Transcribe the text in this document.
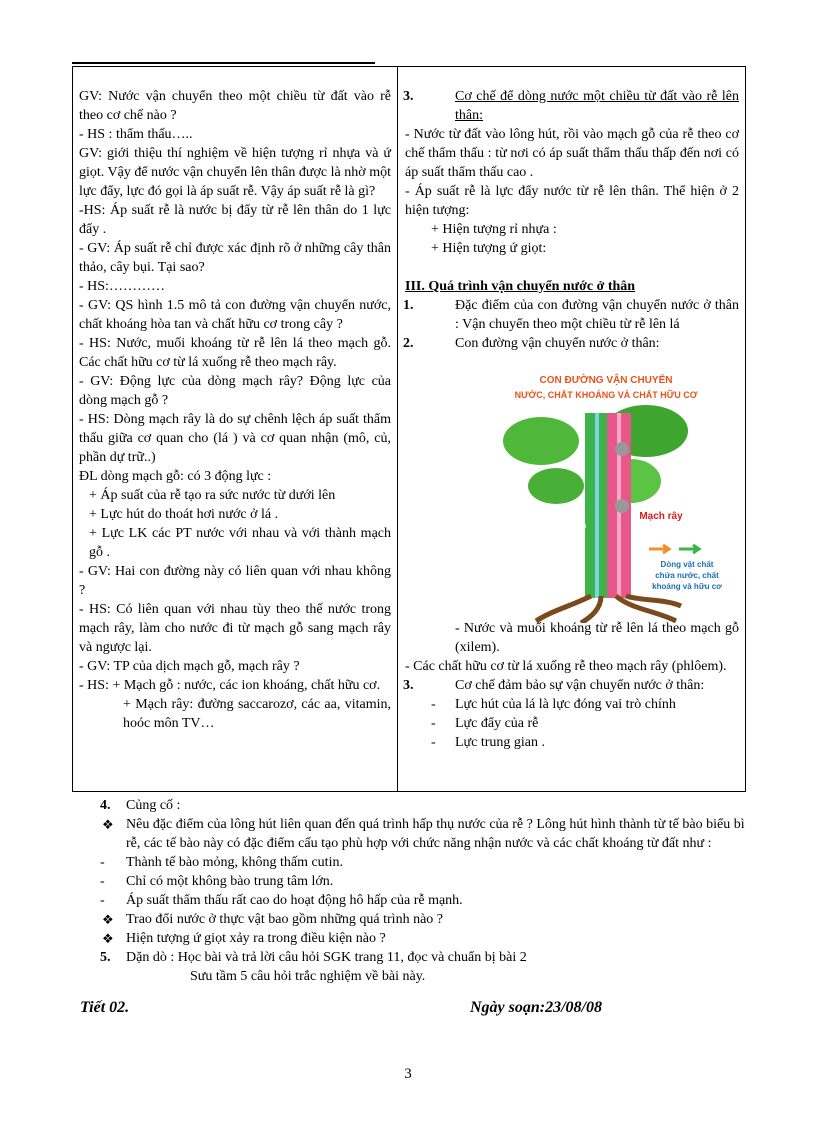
GV: Nước vận chuyển theo một chiều từ đất vào rễ theo cơ chế nào ?
- HS : thẩm thấu…..
GV: giới thiệu thí nghiệm về hiện tượng rỉ nhựa và ứ giọt. Vậy để nước vận chuyển lên thân được là nhờ một lực đẩy, lực đó gọi là áp suất rễ. Vậy áp suất rễ là gì?
-HS: Áp suất rễ là nước bị đẩy từ rễ lên thân do 1 lực đẩy .
- GV: Áp suất rễ chỉ được xác định rõ ở những cây thân thảo, cây bụi. Tại sao?
- HS:…………
- GV: QS hình 1.5 mô tả con đường vận chuyển nước, chất khoáng hòa tan và chất hữu cơ trong cây ?
- HS: Nước, muối khoáng từ rễ lên lá theo mạch gỗ. Các chất hữu cơ từ lá xuống rễ theo mạch rây.
- GV: Động lực của dòng mạch rây? Động lực của dòng mạch gỗ ?
- HS: Dòng mạch rây là do sự chênh lệch áp suất thẩm thấu giữa cơ quan cho (lá ) và cơ quan nhận (mô, củ, phần dự trữ..)
ĐL dòng mạch gỗ: có 3 động lực :
+ Áp suất của rễ tạo ra sức nước từ dưới lên
+ Lực hút do thoát hơi nước ở lá .
+ Lực LK các PT nước với nhau và với thành mạch gỗ .
- GV: Hai con đường này có liên quan với nhau không ?
- HS: Có liên quan với nhau tùy theo thế nước trong mạch rây, làm cho nước đi từ mạch gỗ sang mạch rây và ngược lại.
- GV: TP của dịch mạch gỗ, mạch rây ?
- HS: + Mạch gỗ : nước, các ion khoáng, chất hữu cơ.
+ Mạch rây: đường saccarozơ, các aa, vitamin, hoóc môn TV…
3.	Cơ chế để dòng nước một chiều từ đất vào rễ lên thân:
- Nước từ đất vào lông hút, rồi vào mạch gỗ của rễ theo cơ chế thẩm thấu : từ nơi có áp suất thẩm thấu thấp đến nơi có áp suất thẩm thấu cao .
- Áp suất rễ là lực đẩy nước từ rễ lên thân. Thể hiện ở 2 hiện tượng:
+ Hiện tượng rỉ nhựa :
+ Hiện tượng ứ giọt:
III. Quá trình vận chuyển nước ở thân
1.	Đặc điểm của con đường vận chuyển nước ở thân : Vận chuyển theo một chiều từ rễ lên lá
2.	Con đường vận chuyển nước ở thân:
- Nước và muối khoáng từ rễ lên lá theo mạch gỗ (xilem).
- Các chất hữu cơ từ lá xuống rễ theo mạch rây (phlôem).
3.	Cơ chế đảm bảo sự vận chuyển nước ở thân:
- Lực hút của lá là lực đóng vai trò chính
- Lực đẩy của rễ
- Lực trung gian .
CON ĐƯỜNG VẬN CHUYỂN
NƯỚC, CHẤT KHOÁNG VÀ CHẤT HỮU CƠ
Mạch gỗ
Mạch rây
Dòng vật chất
chứa nước, chất
khoáng và hữu cơ
4. Củng cố :
❖ Nêu đặc điểm của lông hút liên quan đến quá trình hấp thụ nước của rễ ? Lông hút hình thành từ tế bào biểu bì rễ, các tế bào này có đặc điểm cấu tạo phù hợp với chức năng nhận nước và các chất khoáng từ đất như :
- Thành tế bào mỏng, không thấm cutin.
- Chỉ có một không bào trung tâm lớn.
- Áp suất thẩm thấu rất cao do hoạt động hô hấp của rễ mạnh.
❖ Trao đổi nước ở thực vật bao gồm những quá trình nào ?
❖ Hiện tượng ứ giọt xảy ra trong điều kiện nào ?
5. Dặn dò : Học bài và trả lời câu hỏi SGK trang 11, đọc và chuẩn bị bài 2
Sưu tầm 5 câu hỏi trắc nghiệm về bài này.
Tiết 02.	Ngày soạn:23/08/08
3
